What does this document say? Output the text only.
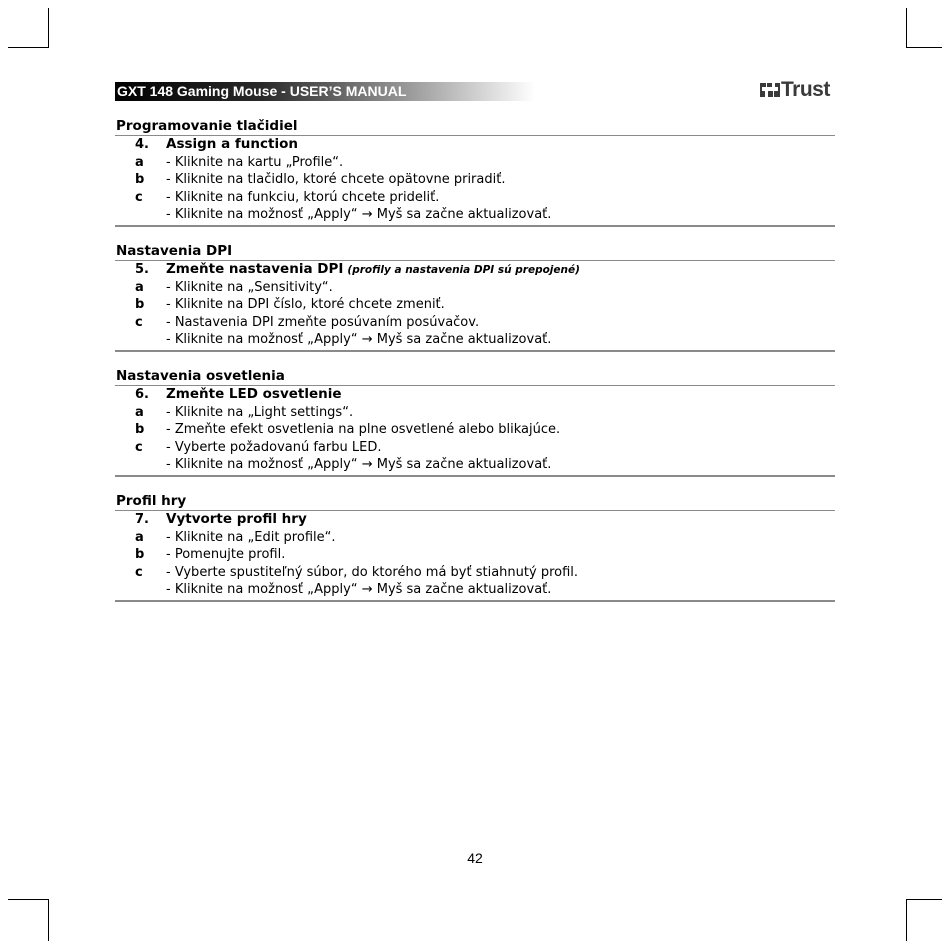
GXT 148 Gaming Mouse - USER’S MANUAL	Trust
Programovanie tlačidiel
4. Assign a function
a	- Kliknite na kartu „Profile“.
b	- Kliknite na tlačidlo, ktoré chcete opätovne priradiť.
c	- Kliknite na funkciu, ktorú chcete prideliť.
- Kliknite na možnosť „Apply“ → Myš sa začne aktualizovať.
Nastavenia DPI
5. Zmeňte nastavenia DPI (profily a nastavenia DPI sú prepojené)
a	- Kliknite na „Sensitivity“.
b	- Kliknite na DPI číslo, ktoré chcete zmeniť.
c	- Nastavenia DPI zmeňte posúvaním posúvačov.
- Kliknite na možnosť „Apply“ → Myš sa začne aktualizovať.
Nastavenia osvetlenia
6. Zmeňte LED osvetlenie
a	- Kliknite na „Light settings“.
b	- Zmeňte efekt osvetlenia na plne osvetlené alebo blikajúce.
c	- Vyberte požadovanú farbu LED.
- Kliknite na možnosť „Apply“ → Myš sa začne aktualizovať.
Profil hry
7. Vytvorte profil hry
a	- Kliknite na „Edit profile“.
b	- Pomenujte profil.
c	- Vyberte spustiteľný súbor, do ktorého má byť stiahnutý profil.
- Kliknite na možnosť „Apply“ → Myš sa začne aktualizovať.
42
